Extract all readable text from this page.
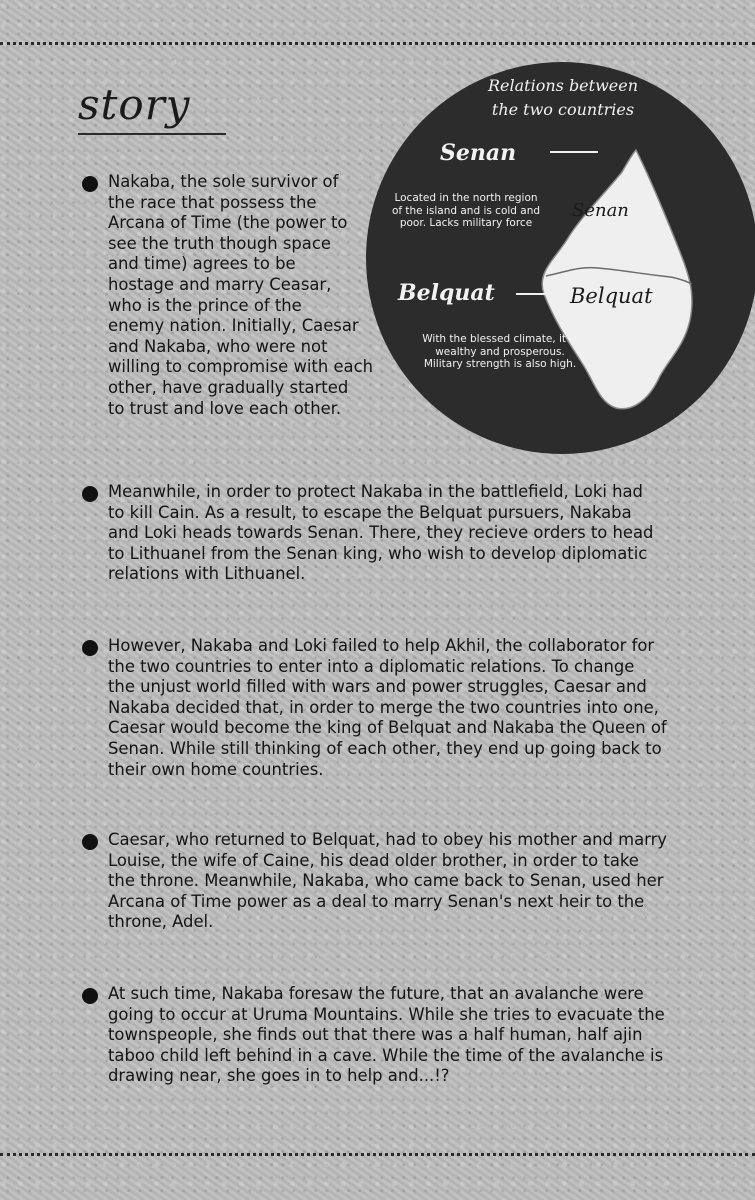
story	Relations between
the two countries
Senan
Located in the north region of the island and is cold and poor. Lacks military force
Belquat
With the blessed climate, it is wealthy and prosperous. Military strength is also high.
Senan
Belquat
Nakaba, the sole survivor of
the race that possess the
Arcana of Time (the power to
see the truth though space
and time) agrees to be
hostage and marry Ceasar,
who is the prince of the
enemy nation. Initially, Caesar
and Nakaba, who were not
willing to compromise with each
other, have gradually started
to trust and love each other.
Meanwhile, in order to protect Nakaba in the battlefield, Loki had
to kill Cain. As a result, to escape the Belquat pursuers, Nakaba
and Loki heads towards Senan. There, they recieve orders to head
to Lithuanel from the Senan king, who wish to develop diplomatic
relations with Lithuanel.
However, Nakaba and Loki failed to help Akhil, the collaborator for
the two countries to enter into a diplomatic relations. To change
the unjust world filled with wars and power struggles, Caesar and
Nakaba decided that, in order to merge the two countries into one,
Caesar would become the king of Belquat and Nakaba the Queen of
Senan. While still thinking of each other, they end up going back to
their own home countries.
Caesar, who returned to Belquat, had to obey his mother and marry
Louise, the wife of Caine, his dead older brother, in order to take
the throne. Meanwhile, Nakaba, who came back to Senan, used her
Arcana of Time power as a deal to marry Senan's next heir to the
throne, Adel.
At such time, Nakaba foresaw the future, that an avalanche were
going to occur at Uruma Mountains. While she tries to evacuate the
townspeople, she finds out that there was a half human, half ajin
taboo child left behind in a cave. While the time of the avalanche is
drawing near, she goes in to help and...!?
